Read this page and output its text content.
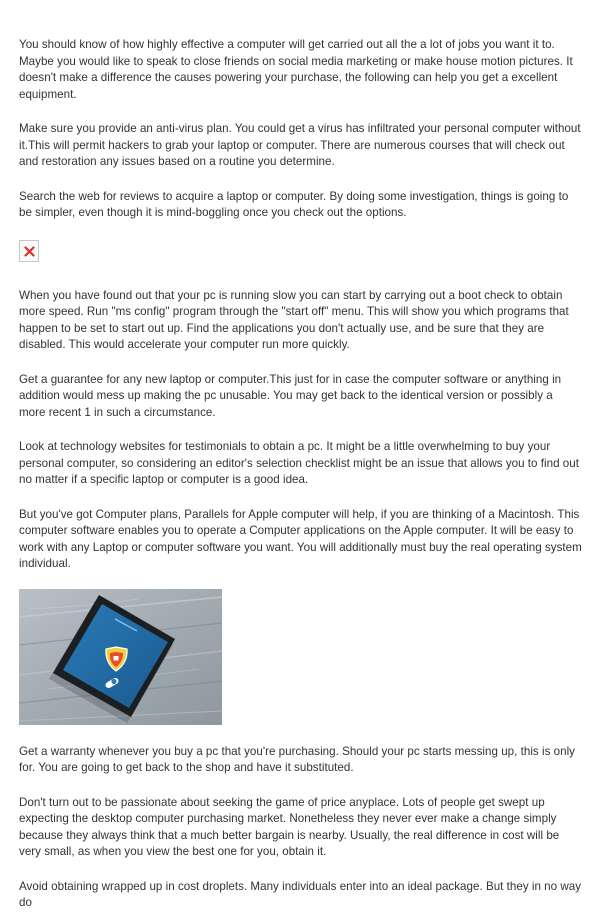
You should know of how highly effective a computer will get carried out all the a lot of jobs you want it to. Maybe you would like to speak to close friends on social media marketing or make house motion pictures. It doesn't make a difference the causes powering your purchase, the following can help you get a excellent equipment.

Make sure you provide an anti-virus plan. You could get a virus has infiltrated your personal computer without it.This will permit hackers to grab your laptop or computer. There are numerous courses that will check out and restoration any issues based on a routine you determine.

Search the web for reviews to acquire a laptop or computer. By doing some investigation, things is going to be simpler, even though it is mind-boggling once you check out the options.

When you have found out that your pc is running slow you can start by carrying out a boot check to obtain more speed. Run "ms config" program through the "start off" menu. This will show you which programs that happen to be set to start out up. Find the applications you don't actually use, and be sure that they are disabled. This would accelerate your computer run more quickly.

Get a guarantee for any new laptop or computer.This just for in case the computer software or anything in addition would mess up making the pc unusable. You may get back to the identical version or possibly a more recent 1 in such a circumstance.

Look at technology websites for testimonials to obtain a pc. It might be a little overwhelming to buy your personal computer, so considering an editor's selection checklist might be an issue that allows you to find out no matter if a specific laptop or computer is a good idea.

But you've got Computer plans, Parallels for Apple computer will help, if you are thinking of a Macintosh. This computer software enables you to operate a Computer applications on the Apple computer. It will be easy to work with any Laptop or computer software you want. You will additionally must buy the real operating system individual.

Get a warranty whenever you buy a pc that you're purchasing. Should your pc starts messing up, this is only for. You are going to get back to the shop and have it substituted.

Don't turn out to be passionate about seeking the game of price anyplace. Lots of people get swept up expecting the desktop computer purchasing market. Nonetheless they never ever make a change simply because they always think that a much better bargain is nearby. Usually, the real difference in cost will be very small, as when you view the best one for you, obtain it.

Avoid obtaining wrapped up in cost droplets. Many individuals enter into an ideal package. But they in no way do
